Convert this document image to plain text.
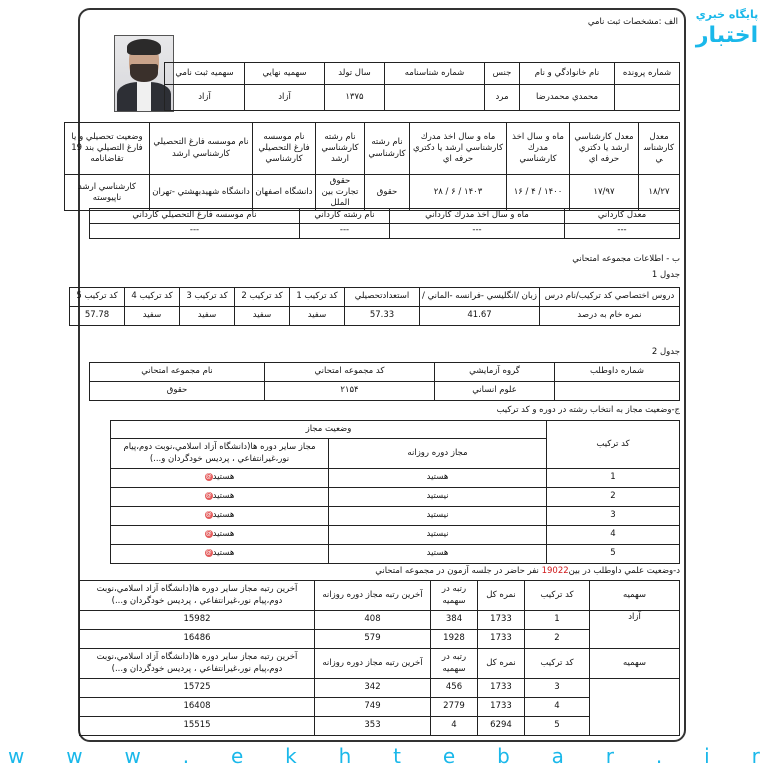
الف :مشخصات ثبت نامي
شماره پرونده	نام خانوادگي و نام	جنس	شماره شناسنامه	سال تولد	سهميه نهايي	سهميه ثبت نامي
	محمدي محمدرضا	مرد		۱۳۷۵	آزاد	آزاد
معدل كارشناسي	معدل كارشناسي ارشد يا دكتري حرفه اي	ماه و سال اخذ مدرك كارشناسي	ماه و سال اخذ مدرك كارشناسي ارشد يا دكتري حرفه اي	نام رشته كارشناسي	نام رشته كارشناسي ارشد	نام موسسه فارغ التحصيلي كارشناسي	نام موسسه فارغ التحصيلي كارشناسي ارشد	وضعيت تحصيلي و يا فارغ التصيلي بند 19 تقاضانامه
۱۸/۲۷	۱۷/۹۷	۱۴۰۰ / ۴ / ۱۶	۱۴۰۳ / ۶ / ۲۸	حقوق	حقوق تجارت بين الملل	دانشگاه اصفهان	دانشگاه شهيدبهشتي -تهران	كارشناسي ارشد ناپيوسته
معدل كارداني	ماه و سال اخذ مدرك كارداني	نام رشته كارداني	نام موسسه فارغ التحصيلي كارداني
---	---	---	---
ب - اطلاعات مجموعه امتحاني
جدول 1
دروس اختصاصي كد تركيب/نام درس	زبان /انگليسي -فرانسه -الماني /	استعدادتحصيلي	كد تركيب 1	كد تركيب 2	كد تركيب 3	كد تركيب 4	كد تركيب 5
نمره خام به درصد	41.67	57.33	سفيد	سفيد	سفيد	سفيد	57.78
جدول 2
شماره داوطلب	گروه آزمايشي	كد مجموعه امتحاني	نام مجموعه امتحاني
	علوم انساني	۲۱۵۴	حقوق
ج-وضعيت مجاز به انتخاب رشته در دوره و كد تركيب
كد تركيب	وضعيت مجاز	
	مجاز دوره روزانه	مجاز ساير دوره ها(دانشگاه آزاد اسلامي،نوبت دوم،پيام نور،غيرانتفاعي ، پرديس خودگردان و...)
1	هستيد	هستيد@
2	نيستيد	هستيد@
3	نيستيد	هستيد@
4	نيستيد	هستيد@
5	هستيد	هستيد@
د-وضعيت علمي داوطلب در بين19022 نفر حاضر در جلسه آزمون در مجموعه امتحاني
سهميه	كد تركيب	نمره كل	رتبه در سهميه	آخرين رتبه مجاز دوره روزانه	آخرين رتبه مجاز ساير دوره ها(دانشگاه آزاد اسلامي،نوبت دوم،پيام نور،غيرانتفاعي ، پرديس خودگردان و...)
آزاد	1	1733	384	408	15982
	2	1733	1928	579	16486
سهميه	كد تركيب	نمره كل	رتبه در سهميه	آخرين رتبه مجاز دوره روزانه	آخرين رتبه مجاز ساير دوره ها(دانشگاه آزاد اسلامي،نوبت دوم،پيام نور،غيرانتفاعي ، پرديس خودگردان و...)
	3	1733	456	342	15725
	4	1733	2779	749	16408
	5	6294	4	353	15515
پايگاه خبري
اختبار
w w w . e k h t e b a r . i r
